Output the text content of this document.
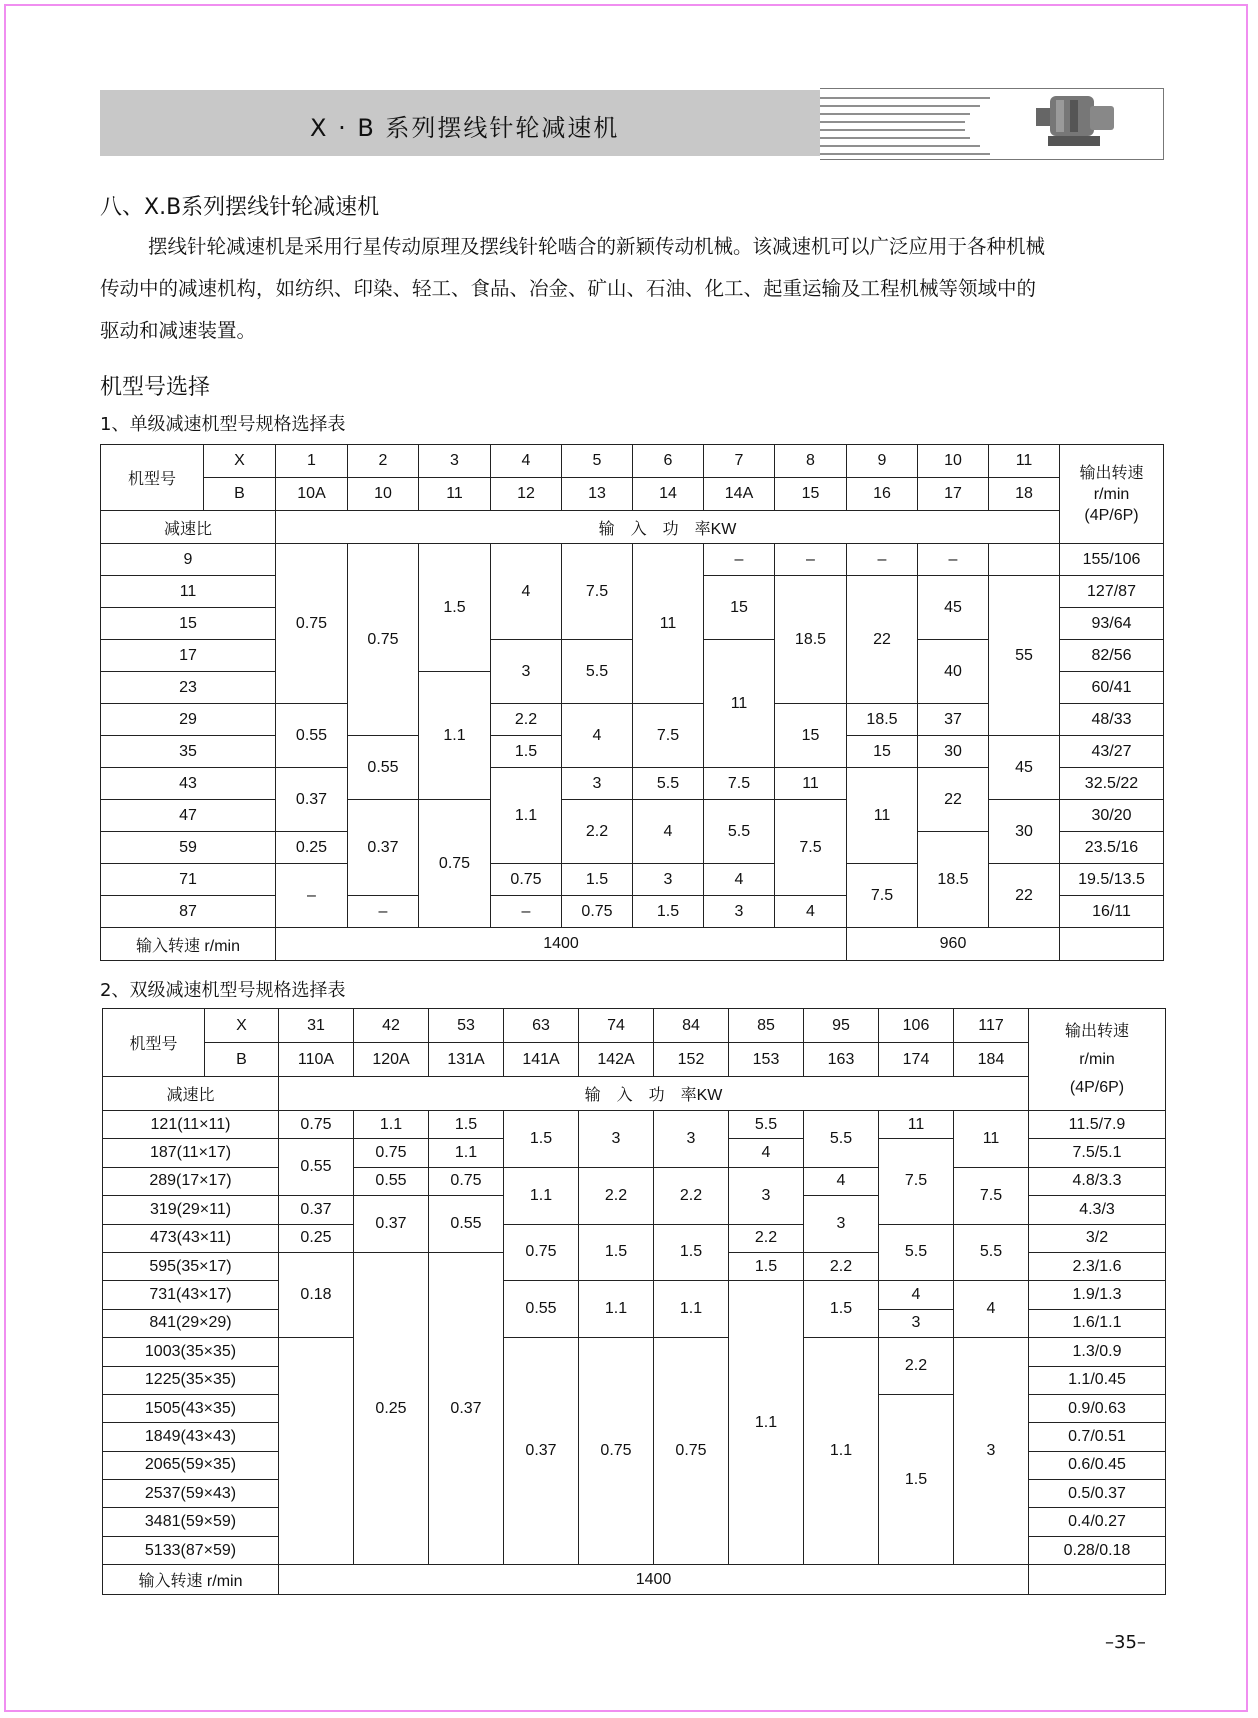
X · B 系列摆线针轮减速机
八、X.B系列摆线针轮减速机
摆线针轮减速机是采用行星传动原理及摆线针轮啮合的新颖传动机械。该减速机可以广泛应用于各种机械
传动中的减速机构，如纺织、印染、轻工、食品、冶金、矿山、石油、化工、起重运输及工程机械等领域中的
驱动和减速装置。
机型号选择
1、单级减速机型号规格选择表
机型号	X	1	2	3	4	5	6	7	8	9	10	11	输出转速
r/min
(4P/6P)
	B	10A	10	11	12	13	14	14A	15	16	17	18	
减速比		输　入　功　率KW											
9		0.75	0.75	1.5	4	7.5	11	–	–	–	–		155/106
11								15	18.5	22	45	55	127/87
15													93/64
17					3	5.5		11			40		82/56
23				1.1									60/41
29		0.55			2.2	4	7.5		15	18.5	37		48/33
35			0.55		1.5					15	30	45	43/27
43		0.37			1.1	3	5.5	7.5	11	11	22		32.5/22
47			0.37	0.75		2.2	4	5.5	7.5			30	30/20
59		0.25									18.5		23.5/16
71		–			0.75	1.5	3	4		7.5		22	19.5/13.5
87			–		–	0.75	1.5	3	4				16/11
输入转速 r/min		1400								960			
2、双级减速机型号规格选择表
机型号	X	31	42	53	63	74	84	85	95	106	117	输出转速
r/min
(4P/6P)
	B	110A	120A	131A	141A	142A	152	153	163	174	184	
减速比		输　入　功　率KW										
121(11×11)		0.75	1.1	1.5	1.5	3	3	5.5	5.5	11	11	11.5/7.9
187(11×17)		0.55	0.75	1.1				4		7.5		7.5/5.1
289(17×17)			0.55	0.75	1.1	2.2	2.2	3	4		7.5	4.8/3.3
319(29×11)		0.37	0.37	0.55					3			4.3/3
473(43×11)		0.25			0.75	1.5	1.5	2.2		5.5	5.5	3/2
595(35×17)		0.18	0.25	0.37				1.5	2.2			2.3/1.6
731(43×17)					0.55	1.1	1.1	1.1	1.5	4	4	1.9/1.3
841(29×29)										3		1.6/1.1
1003(35×35)					0.37	0.75	0.75		1.1	2.2	3	1.3/0.9
1225(35×35)												1.1/0.45
1505(43×35)										1.5		0.9/0.63
1849(43×43)												0.7/0.51
2065(59×35)												0.6/0.45
2537(59×43)												0.5/0.37
3481(59×59)												0.4/0.27
5133(87×59)												0.28/0.18
输入转速 r/min		1400										
–35–
